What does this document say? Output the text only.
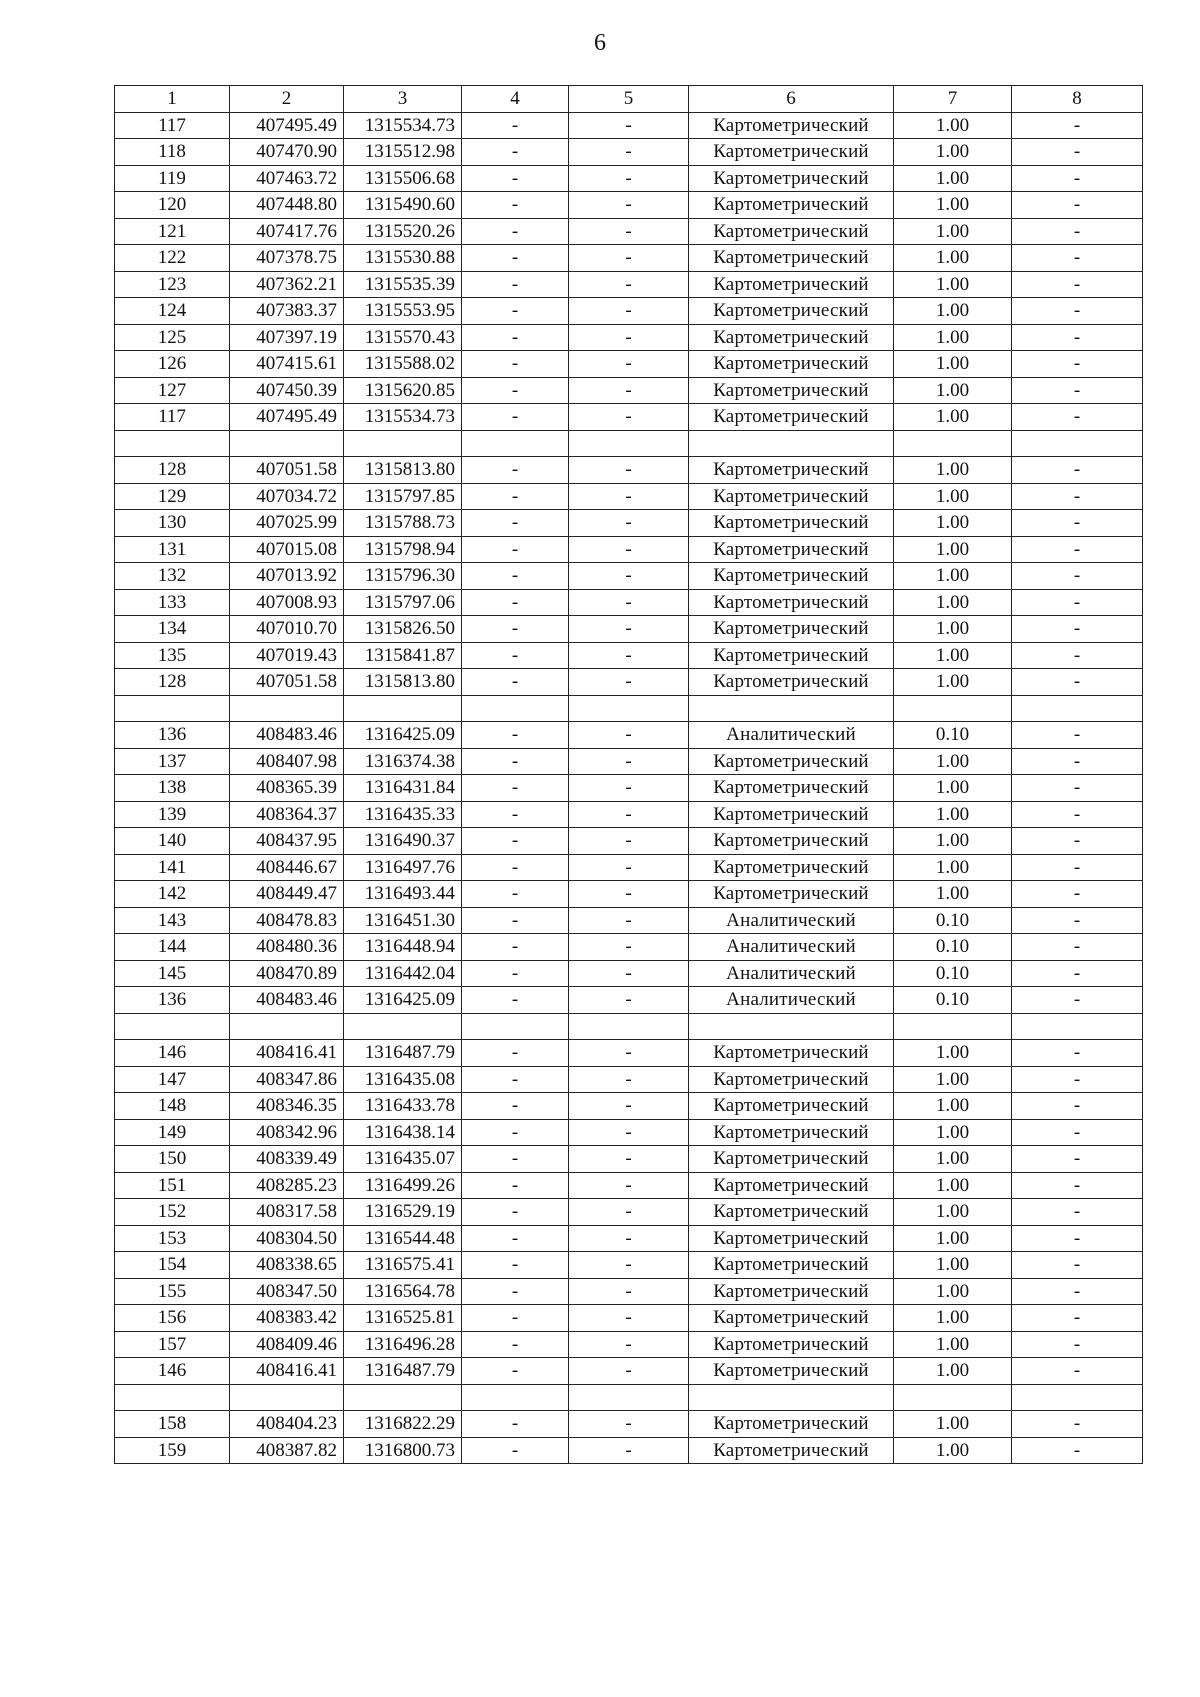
6
1	2	3	4	5	6	7	8
117	407495.49	1315534.73	-	-	Картометрический	1.00	-
118	407470.90	1315512.98	-	-	Картометрический	1.00	-
119	407463.72	1315506.68	-	-	Картометрический	1.00	-
120	407448.80	1315490.60	-	-	Картометрический	1.00	-
121	407417.76	1315520.26	-	-	Картометрический	1.00	-
122	407378.75	1315530.88	-	-	Картометрический	1.00	-
123	407362.21	1315535.39	-	-	Картометрический	1.00	-
124	407383.37	1315553.95	-	-	Картометрический	1.00	-
125	407397.19	1315570.43	-	-	Картометрический	1.00	-
126	407415.61	1315588.02	-	-	Картометрический	1.00	-
127	407450.39	1315620.85	-	-	Картометрический	1.00	-
117	407495.49	1315534.73	-	-	Картометрический	1.00	-

128	407051.58	1315813.80	-	-	Картометрический	1.00	-
129	407034.72	1315797.85	-	-	Картометрический	1.00	-
130	407025.99	1315788.73	-	-	Картометрический	1.00	-
131	407015.08	1315798.94	-	-	Картометрический	1.00	-
132	407013.92	1315796.30	-	-	Картометрический	1.00	-
133	407008.93	1315797.06	-	-	Картометрический	1.00	-
134	407010.70	1315826.50	-	-	Картометрический	1.00	-
135	407019.43	1315841.87	-	-	Картометрический	1.00	-
128	407051.58	1315813.80	-	-	Картометрический	1.00	-

136	408483.46	1316425.09	-	-	Аналитический	0.10	-
137	408407.98	1316374.38	-	-	Картометрический	1.00	-
138	408365.39	1316431.84	-	-	Картометрический	1.00	-
139	408364.37	1316435.33	-	-	Картометрический	1.00	-
140	408437.95	1316490.37	-	-	Картометрический	1.00	-
141	408446.67	1316497.76	-	-	Картометрический	1.00	-
142	408449.47	1316493.44	-	-	Картометрический	1.00	-
143	408478.83	1316451.30	-	-	Аналитический	0.10	-
144	408480.36	1316448.94	-	-	Аналитический	0.10	-
145	408470.89	1316442.04	-	-	Аналитический	0.10	-
136	408483.46	1316425.09	-	-	Аналитический	0.10	-

146	408416.41	1316487.79	-	-	Картометрический	1.00	-
147	408347.86	1316435.08	-	-	Картометрический	1.00	-
148	408346.35	1316433.78	-	-	Картометрический	1.00	-
149	408342.96	1316438.14	-	-	Картометрический	1.00	-
150	408339.49	1316435.07	-	-	Картометрический	1.00	-
151	408285.23	1316499.26	-	-	Картометрический	1.00	-
152	408317.58	1316529.19	-	-	Картометрический	1.00	-
153	408304.50	1316544.48	-	-	Картометрический	1.00	-
154	408338.65	1316575.41	-	-	Картометрический	1.00	-
155	408347.50	1316564.78	-	-	Картометрический	1.00	-
156	408383.42	1316525.81	-	-	Картометрический	1.00	-
157	408409.46	1316496.28	-	-	Картометрический	1.00	-
146	408416.41	1316487.79	-	-	Картометрический	1.00	-

158	408404.23	1316822.29	-	-	Картометрический	1.00	-
159	408387.82	1316800.73	-	-	Картометрический	1.00	-
